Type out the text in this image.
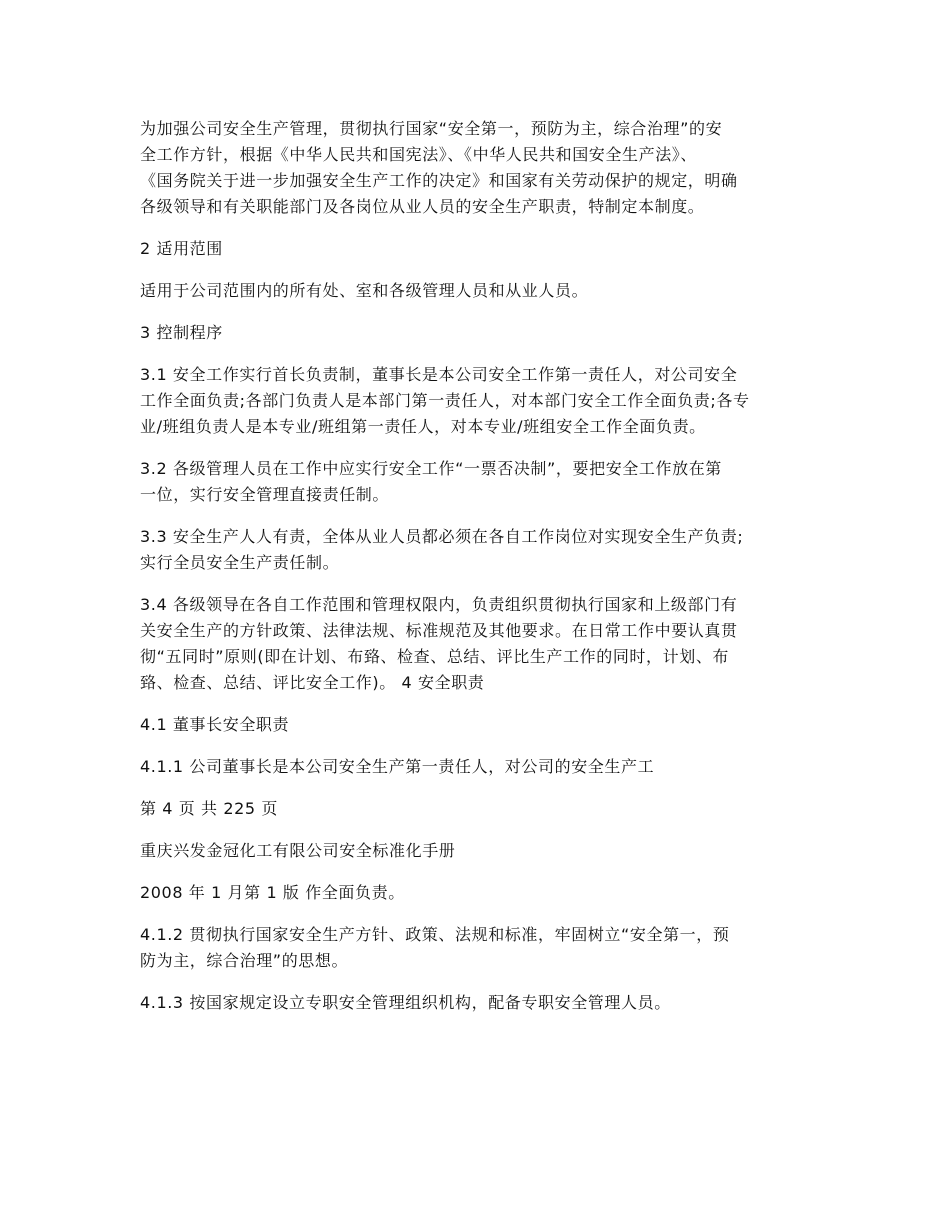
为加强公司安全生产管理，贯彻执行国家“安全第一，预防为主，综合治理”的安
全工作方针，根据《中华人民共和国宪法》、《中华人民共和国安全生产法》、
《国务院关于进一步加强安全生产工作的决定》和国家有关劳动保护的规定，明确
各级领导和有关职能部门及各岗位从业人员的安全生产职责，特制定本制度。

2 适用范围

适用于公司范围内的所有处、室和各级管理人员和从业人员。

3 控制程序

3.1 安全工作实行首长负责制，董事长是本公司安全工作第一责任人，对公司安全
工作全面负责;各部门负责人是本部门第一责任人，对本部门安全工作全面负责;各专
业/班组负责人是本专业/班组第一责任人，对本专业/班组安全工作全面负责。

3.2 各级管理人员在工作中应实行安全工作“一票否决制”，要把安全工作放在第
一位，实行安全管理直接责任制。

3.3 安全生产人人有责，全体从业人员都必须在各自工作岗位对实现安全生产负责;
实行全员安全生产责任制。

3.4 各级领导在各自工作范围和管理权限内，负责组织贯彻执行国家和上级部门有
关安全生产的方针政策、法律法规、标准规范及其他要求。在日常工作中要认真贯
彻“五同时”原则(即在计划、布臵、检查、总结、评比生产工作的同时，计划、布
臵、检查、总结、评比安全工作)。 4 安全职责

4.1 董事长安全职责

4.1.1 公司董事长是本公司安全生产第一责任人，对公司的安全生产工

第 4 页 共 225 页

重庆兴发金冠化工有限公司安全标准化手册

2008 年 1 月第 1 版 作全面负责。

4.1.2 贯彻执行国家安全生产方针、政策、法规和标准，牢固树立“安全第一，预
防为主，综合治理”的思想。

4.1.3 按国家规定设立专职安全管理组织机构，配备专职安全管理人员。
